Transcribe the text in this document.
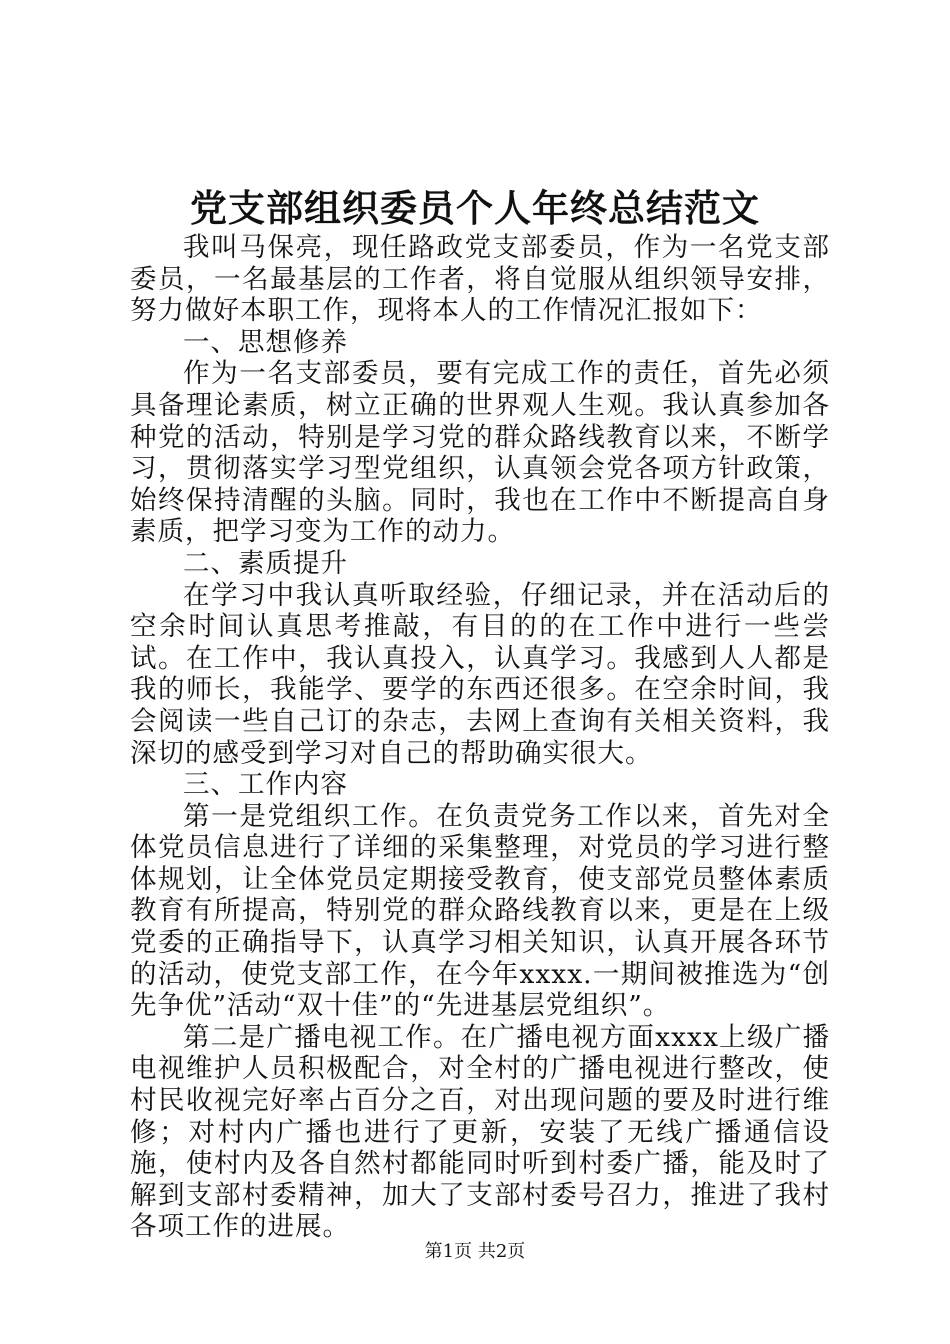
党支部组织委员个人年终总结范文

我叫马保亮，现任路政党支部委员，作为一名党支部委员，一名最基层的工作者，将自觉服从组织领导安排，努力做好本职工作，现将本人的工作情况汇报如下：

一、思想修养

作为一名支部委员，要有完成工作的责任，首先必须具备理论素质，树立正确的世界观人生观。我认真参加各种党的活动，特别是学习党的群众路线教育以来，不断学习，贯彻落实学习型党组织，认真领会党各项方针政策，始终保持清醒的头脑。同时，我也在工作中不断提高自身素质，把学习变为工作的动力。

二、素质提升

在学习中我认真听取经验，仔细记录，并在活动后的空余时间认真思考推敲，有目的的在工作中进行一些尝试。在工作中，我认真投入，认真学习。我感到人人都是我的师长，我能学、要学的东西还很多。在空余时间，我会阅读一些自己订的杂志，去网上查询有关相关资料，我深切的感受到学习对自己的帮助确实很大。

三、工作内容

第一是党组织工作。在负责党务工作以来，首先对全体党员信息进行了详细的采集整理，对党员的学习进行整体规划，让全体党员定期接受教育，使支部党员整体素质教育有所提高，特别党的群众路线教育以来，更是在上级党委的正确指导下，认真学习相关知识，认真开展各环节的活动，使党支部工作，在今年xxxx.一期间被推选为“创先争优”活动“双十佳”的“先进基层党组织”。

第二是广播电视工作。在广播电视方面xxxx上级广播电视维护人员积极配合，对全村的广播电视进行整改，使村民收视完好率占百分之百，对出现问题的要及时进行维修；对村内广播也进行了更新，安装了无线广播通信设施，使村内及各自然村都能同时听到村委广播，能及时了解到支部村委精神，加大了支部村委号召力，推进了我村各项工作的进展。

第1页 共2页
